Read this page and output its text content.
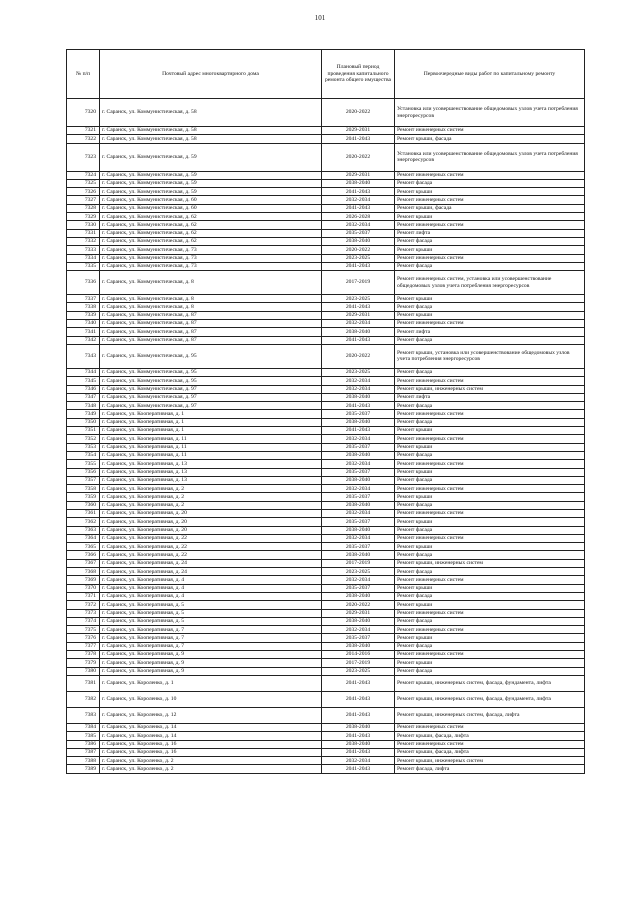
101
№ п/п	Почтовый адрес многоквартирного дома	Плановый период проведения капитального ремонта общего имущества	Первоочередные виды работ по капитальному ремонту
7320	г. Саранск, ул. Коммунистическая, д. 58	2020-2022	Установка или усовершенствование общедомовых узлов учета потребления энергоресурсов
7321	г. Саранск, ул. Коммунистическая, д. 58	2029-2031	Ремонт инженерных систем
7322	г. Саранск, ул. Коммунистическая, д. 58	2041-2043	Ремонт крыши, фасада
7323	г. Саранск, ул. Коммунистическая, д. 59	2020-2022	Установка или усовершенствование общедомовых узлов учета потребления энергоресурсов
7324	г. Саранск, ул. Коммунистическая, д. 59	2029-2031	Ремонт инженерных систем
7325	г. Саранск, ул. Коммунистическая, д. 59	2038-2040	Ремонт фасада
7326	г. Саранск, ул. Коммунистическая, д. 59	2041-2043	Ремонт крыши
7327	г. Саранск, ул. Коммунистическая, д. 60	2032-2034	Ремонт инженерных систем
7328	г. Саранск, ул. Коммунистическая, д. 60	2041-2043	Ремонт крыши, фасада
7329	г. Саранск, ул. Коммунистическая, д. 62	2026-2028	Ремонт крыши
7330	г. Саранск, ул. Коммунистическая, д. 62	2032-2034	Ремонт инженерных систем
7331	г. Саранск, ул. Коммунистическая, д. 62	2035-2037	Ремонт лифта
7332	г. Саранск, ул. Коммунистическая, д. 62	2038-2040	Ремонт фасада
7333	г. Саранск, ул. Коммунистическая, д. 73	2020-2022	Ремонт крыши
7334	г. Саранск, ул. Коммунистическая, д. 73	2023-2025	Ремонт инженерных систем
7335	г. Саранск, ул. Коммунистическая, д. 73	2041-2043	Ремонт фасада
7336	г. Саранск, ул. Коммунистическая, д. 8	2017-2019	Ремонт инженерных систем, установка или усовершенствование общедомовых узлов учета потребления энергоресурсов
7337	г. Саранск, ул. Коммунистическая, д. 8	2023-2025	Ремонт крыши
7338	г. Саранск, ул. Коммунистическая, д. 8	2041-2043	Ремонт фасада
7339	г. Саранск, ул. Коммунистическая, д. 87	2029-2031	Ремонт крыши
7340	г. Саранск, ул. Коммунистическая, д. 87	2032-2034	Ремонт инженерных систем
7341	г. Саранск, ул. Коммунистическая, д. 87	2038-2040	Ремонт лифта
7342	г. Саранск, ул. Коммунистическая, д. 87	2041-2043	Ремонт фасада
7343	г. Саранск, ул. Коммунистическая, д. 95	2020-2022	Ремонт крыши, установка или усовершенствование общедомовых узлов учета потребления энергоресурсов
7344	г. Саранск, ул. Коммунистическая, д. 95	2023-2025	Ремонт фасада
7345	г. Саранск, ул. Коммунистическая, д. 95	2032-2034	Ремонт инженерных систем
7346	г. Саранск, ул. Коммунистическая, д. 97	2032-2034	Ремонт крыши, инженерных систем
7347	г. Саранск, ул. Коммунистическая, д. 97	2038-2040	Ремонт лифта
7348	г. Саранск, ул. Коммунистическая, д. 97	2041-2043	Ремонт фасада
7349	г. Саранск, ул. Кооперативная, д. 1	2035-2037	Ремонт инженерных систем
7350	г. Саранск, ул. Кооперативная, д. 1	2038-2040	Ремонт фасада
7351	г. Саранск, ул. Кооперативная, д. 1	2041-2043	Ремонт крыши
7352	г. Саранск, ул. Кооперативная, д. 11	2032-2034	Ремонт инженерных систем
7353	г. Саранск, ул. Кооперативная, д. 11	2035-2037	Ремонт крыши
7354	г. Саранск, ул. Кооперативная, д. 11	2038-2040	Ремонт фасада
7355	г. Саранск, ул. Кооперативная, д. 13	2032-2034	Ремонт инженерных систем
7356	г. Саранск, ул. Кооперативная, д. 13	2035-2037	Ремонт крыши
7357	г. Саранск, ул. Кооперативная, д. 13	2038-2040	Ремонт фасада
7358	г. Саранск, ул. Кооперативная, д. 2	2032-2034	Ремонт инженерных систем
7359	г. Саранск, ул. Кооперативная, д. 2	2035-2037	Ремонт крыши
7360	г. Саранск, ул. Кооперативная, д. 2	2038-2040	Ремонт фасада
7361	г. Саранск, ул. Кооперативная, д. 20	2032-2034	Ремонт инженерных систем
7362	г. Саранск, ул. Кооперативная, д. 20	2035-2037	Ремонт крыши
7363	г. Саранск, ул. Кооперативная, д. 20	2038-2040	Ремонт фасада
7364	г. Саранск, ул. Кооперативная, д. 22	2032-2034	Ремонт инженерных систем
7365	г. Саранск, ул. Кооперативная, д. 22	2035-2037	Ремонт крыши
7366	г. Саранск, ул. Кооперативная, д. 22	2038-2040	Ремонт фасада
7367	г. Саранск, ул. Кооперативная, д. 24	2017-2019	Ремонт крыши, инженерных систем
7368	г. Саранск, ул. Кооперативная, д. 24	2023-2025	Ремонт фасада
7369	г. Саранск, ул. Кооперативная, д. 4	2032-2034	Ремонт инженерных систем
7370	г. Саранск, ул. Кооперативная, д. 4	2035-2037	Ремонт крыши
7371	г. Саранск, ул. Кооперативная, д. 4	2038-2040	Ремонт фасада
7372	г. Саранск, ул. Кооперативная, д. 5	2020-2022	Ремонт крыши
7373	г. Саранск, ул. Кооперативная, д. 5	2029-2031	Ремонт инженерных систем
7374	г. Саранск, ул. Кооперативная, д. 5	2038-2040	Ремонт фасада
7375	г. Саранск, ул. Кооперативная, д. 7	2032-2034	Ремонт инженерных систем
7376	г. Саранск, ул. Кооперативная, д. 7	2035-2037	Ремонт крыши
7377	г. Саранск, ул. Кооперативная, д. 7	2038-2040	Ремонт фасада
7378	г. Саранск, ул. Кооперативная, д. 9	2014-2016	Ремонт инженерных систем
7379	г. Саранск, ул. Кооперативная, д. 9	2017-2019	Ремонт крыши
7380	г. Саранск, ул. Кооперативная, д. 9	2023-2025	Ремонт фасада
7381	г. Саранск, ул. Короленко, д. 1	2041-2043	Ремонт крыши, инженерных систем, фасада, фундамента, лифта
7382	г. Саранск, ул. Короленко, д. 10	2041-2043	Ремонт крыши, инженерных систем, фасада, фундамента, лифта
7383	г. Саранск, ул. Короленко, д. 12	2041-2043	Ремонт крыши, инженерных систем, фасада, лифта
7384	г. Саранск, ул. Короленко, д. 14	2038-2040	Ремонт инженерных систем
7385	г. Саранск, ул. Короленко, д. 14	2041-2043	Ремонт крыши, фасада, лифта
7386	г. Саранск, ул. Короленко, д. 16	2038-2040	Ремонт инженерных систем
7387	г. Саранск, ул. Короленко, д. 16	2041-2043	Ремонт крыши, фасада, лифта
7388	г. Саранск, ул. Короленко, д. 2	2032-2034	Ремонт крыши, инженерных систем
7389	г. Саранск, ул. Короленко, д. 2	2041-2043	Ремонт фасада, лифта
